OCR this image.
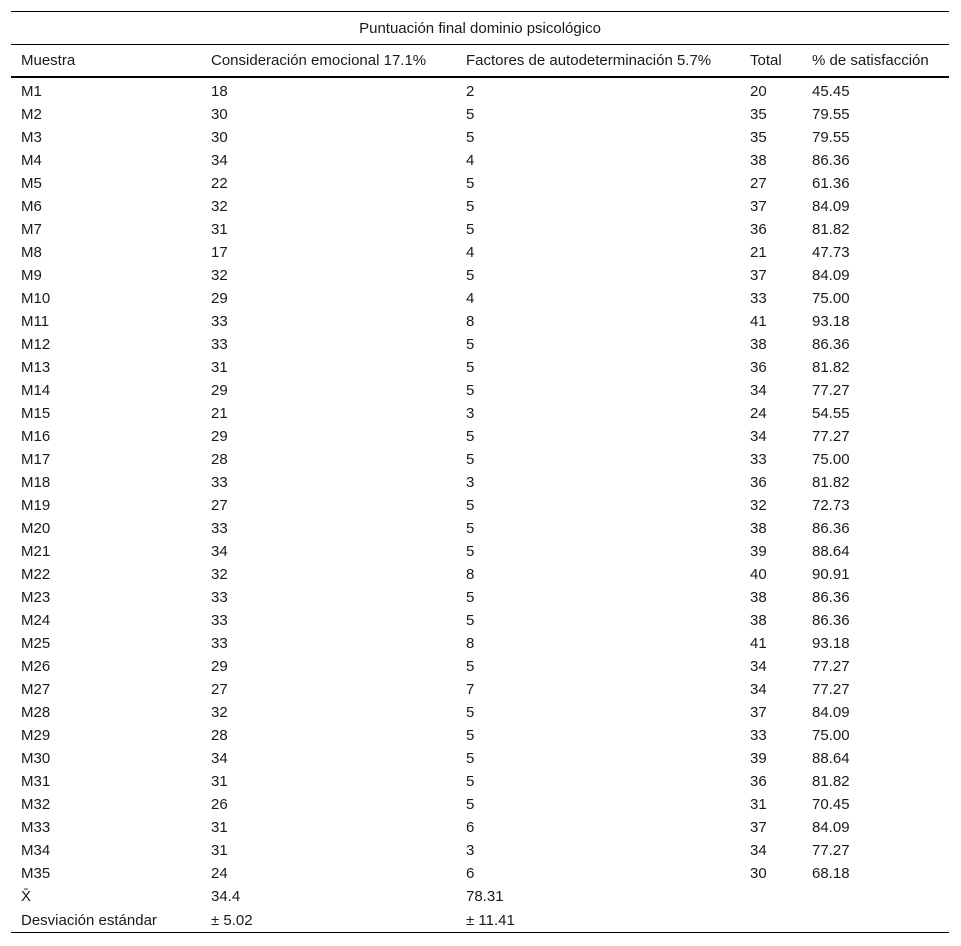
Puntuación final dominio psicológico				
Muestra	Consideración emocional 17.1%	Factores de autodeterminación 5.7%	Total	% de satisfacción
M1	18	2	20	45.45
M2	30	5	35	79.55
M3	30	5	35	79.55
M4	34	4	38	86.36
M5	22	5	27	61.36
M6	32	5	37	84.09
M7	31	5	36	81.82
M8	17	4	21	47.73
M9	32	5	37	84.09
M10	29	4	33	75.00
M11	33	8	41	93.18
M12	33	5	38	86.36
M13	31	5	36	81.82
M14	29	5	34	77.27
M15	21	3	24	54.55
M16	29	5	34	77.27
M17	28	5	33	75.00
M18	33	3	36	81.82
M19	27	5	32	72.73
M20	33	5	38	86.36
M21	34	5	39	88.64
M22	32	8	40	90.91
M23	33	5	38	86.36
M24	33	5	38	86.36
M25	33	8	41	93.18
M26	29	5	34	77.27
M27	27	7	34	77.27
M28	32	5	37	84.09
M29	28	5	33	75.00
M30	34	5	39	88.64
M31	31	5	36	81.82
M32	26	5	31	70.45
M33	31	6	37	84.09
M34	31	3	34	77.27
M35	24	6	30	68.18
X̄	34.4	78.31		
Desviación estándar	± 5.02	± 11.41		
